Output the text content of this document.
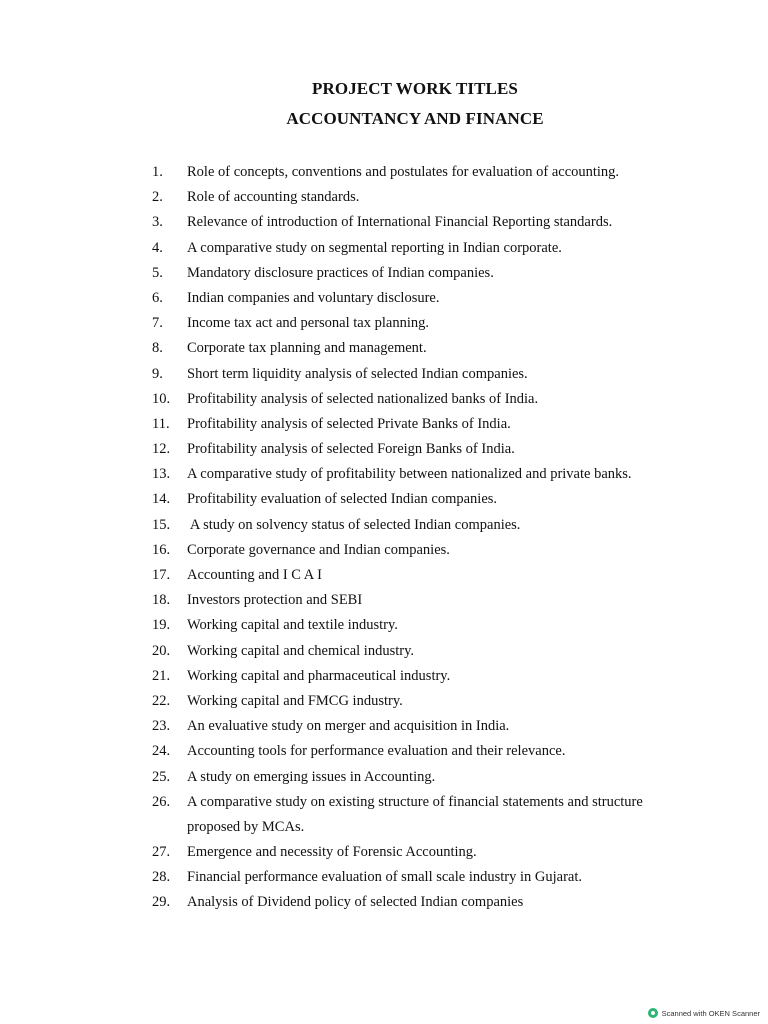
PROJECT WORK TITLES
ACCOUNTANCY AND FINANCE
1. Role of concepts, conventions and postulates for evaluation of accounting.
2. Role of accounting standards.
3. Relevance of introduction of International Financial Reporting standards.
4. A comparative study on segmental reporting in Indian corporate.
5. Mandatory disclosure practices of Indian companies.
6. Indian companies and voluntary disclosure.
7. Income tax act and personal tax planning.
8. Corporate tax planning and management.
9. Short term liquidity analysis of selected Indian companies.
10. Profitability analysis of selected nationalized banks of India.
11. Profitability analysis of selected Private Banks of India.
12. Profitability analysis of selected Foreign Banks of India.
13. A comparative study of profitability between nationalized and private banks.
14. Profitability evaluation of selected Indian companies.
15. A study on solvency status of selected Indian companies.
16. Corporate governance and Indian companies.
17. Accounting and I C A I
18. Investors protection and SEBI
19. Working capital and textile industry.
20. Working capital and chemical industry.
21. Working capital and pharmaceutical industry.
22. Working capital and FMCG industry.
23. An evaluative study on merger and acquisition in India.
24. Accounting tools for performance evaluation and their relevance.
25. A study on emerging issues in Accounting.
26. A comparative study on existing structure of financial statements and structure
proposed by MCAs.
27. Emergence and necessity of Forensic Accounting.
28. Financial performance evaluation of small scale industry in Gujarat.
29. Analysis of Dividend policy of selected Indian companies
Scanned with OKEN Scanner
